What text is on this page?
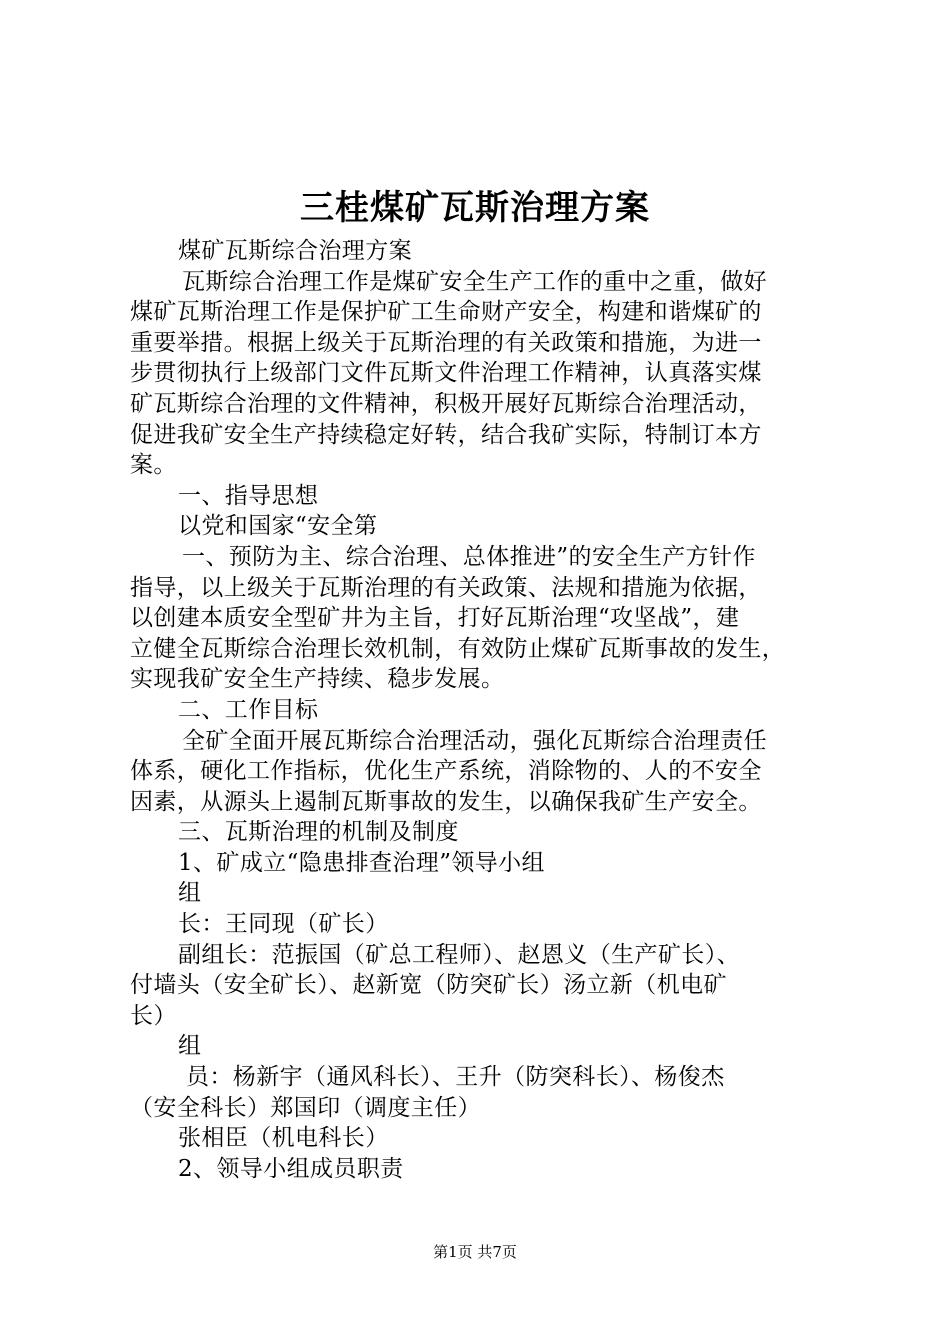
三桂煤矿瓦斯治理方案
煤矿瓦斯综合治理方案
瓦斯综合治理工作是煤矿安全生产工作的重中之重，做好
煤矿瓦斯治理工作是保护矿工生命财产安全，构建和谐煤矿的
重要举措。根据上级关于瓦斯治理的有关政策和措施，为进一
步贯彻执行上级部门文件瓦斯文件治理工作精神，认真落实煤
矿瓦斯综合治理的文件精神，积极开展好瓦斯综合治理活动，
促进我矿安全生产持续稳定好转，结合我矿实际，特制订本方
案。
一、指导思想
以党和国家“安全第
一、预防为主、综合治理、总体推进”的安全生产方针作
指导，以上级关于瓦斯治理的有关政策、法规和措施为依据，
以创建本质安全型矿井为主旨，打好瓦斯治理“攻坚战”，建
立健全瓦斯综合治理长效机制，有效防止煤矿瓦斯事故的发生，
实现我矿安全生产持续、稳步发展。
二、工作目标
全矿全面开展瓦斯综合治理活动，强化瓦斯综合治理责任
体系，硬化工作指标，优化生产系统，消除物的、人的不安全
因素，从源头上遏制瓦斯事故的发生，以确保我矿生产安全。
三、瓦斯治理的机制及制度
1、矿成立“隐患排查治理”领导小组
组
长：王同现（矿长）
副组长：范振国（矿总工程师）、赵恩义（生产矿长）、
付墙头（安全矿长）、赵新宽（防突矿长）汤立新（机电矿
长）
组
员：杨新宇（通风科长）、王升（防突科长）、杨俊杰
（安全科长）郑国印（调度主任）
张相臣（机电科长）
2、领导小组成员职责
第1页 共7页
